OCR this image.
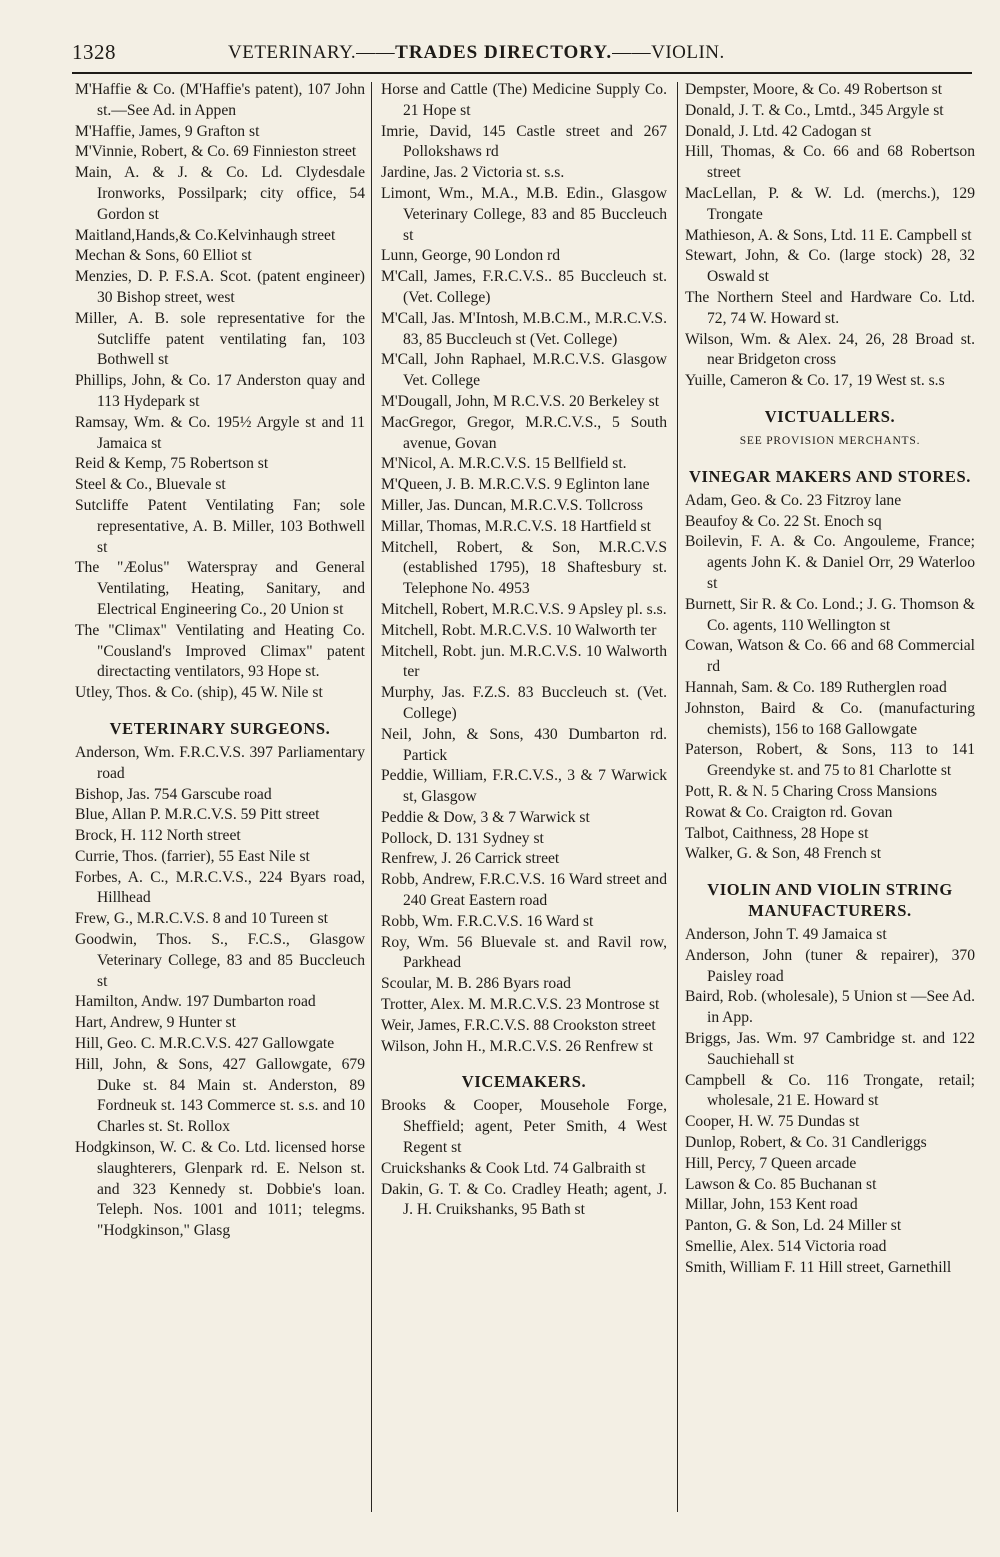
1328	VETERINARY.——TRADES DIRECTORY.——VIOLIN.

M'Haffie & Co. (M'Haffie's patent), 107 John st.—See Ad. in Appen

M'Haffie, James, 9 Grafton st

M'Vinnie, Robert, & Co. 69 Finnieston street

Main, A. & J. & Co. Ld. Clydesdale Ironworks, Possilpark; city office, 54 Gordon st

Maitland,Hands,& Co.Kelvinhaugh street

Mechan & Sons, 60 Elliot st

Menzies, D. P. F.S.A. Scot. (patent engineer) 30 Bishop street, west

Miller, A. B. sole representative for the Sutcliffe patent ventilating fan, 103 Bothwell st

Phillips, John, & Co. 17 Anderston quay and 113 Hydepark st

Ramsay, Wm. & Co. 195½ Argyle st and 11 Jamaica st

Reid & Kemp, 75 Robertson st

Steel & Co., Bluevale st

Sutcliffe Patent Ventilating Fan; sole representative, A. B. Miller, 103 Bothwell st

The "Æolus" Waterspray and General Ventilating, Heating, Sanitary, and Electrical Engineering Co., 20 Union st

The "Climax" Ventilating and Heating Co. "Cousland's Improved Climax" patent directacting ventilators, 93 Hope st.

Utley, Thos. & Co. (ship), 45 W. Nile st

VETERINARY SURGEONS.

Anderson, Wm. F.R.C.V.S. 397 Parliamentary road

Bishop, Jas. 754 Garscube road

Blue, Allan P. M.R.C.V.S. 59 Pitt street

Brock, H. 112 North street

Currie, Thos. (farrier), 55 East Nile st

Forbes, A. C., M.R.C.V.S., 224 Byars road, Hillhead

Frew, G., M.R.C.V.S. 8 and 10 Tureen st

Goodwin, Thos. S., F.C.S., Glasgow Veterinary College, 83 and 85 Buccleuch st

Hamilton, Andw. 197 Dumbarton road

Hart, Andrew, 9 Hunter st

Hill, Geo. C. M.R.C.V.S. 427 Gallowgate

Hill, John, & Sons, 427 Gallowgate, 679 Duke st. 84 Main st. Anderston, 89 Fordneuk st. 143 Commerce st. s.s. and 10 Charles st. St. Rollox

Hodgkinson, W. C. & Co. Ltd. licensed horse slaughterers, Glenpark rd. E. Nelson st. and 323 Kennedy st. Dobbie's loan. Teleph. Nos. 1001 and 1011; telegms. "Hodgkinson," Glasg

Horse and Cattle (The) Medicine Supply Co. 21 Hope st

Imrie, David, 145 Castle street and 267 Pollokshaws rd

Jardine, Jas. 2 Victoria st. s.s.

Limont, Wm., M.A., M.B. Edin., Glasgow Veterinary College, 83 and 85 Buccleuch st

Lunn, George, 90 London rd

M'Call, James, F.R.C.V.S.. 85 Buccleuch st. (Vet. College)

M'Call, Jas. M'Intosh, M.B.C.M., M.R.C.V.S. 83, 85 Buccleuch st (Vet. College)

M'Call, John Raphael, M.R.C.V.S. Glasgow Vet. College

M'Dougall, John, M R.C.V.S. 20 Berkeley st

MacGregor, Gregor, M.R.C.V.S., 5 South avenue, Govan

M'Nicol, A. M.R.C.V.S. 15 Bellfield st.

M'Queen, J. B. M.R.C.V.S. 9 Eglinton lane

Miller, Jas. Duncan, M.R.C.V.S. Tollcross

Millar, Thomas, M.R.C.V.S. 18 Hartfield st

Mitchell, Robert, & Son, M.R.C.V.S (established 1795), 18 Shaftesbury st. Telephone No. 4953

Mitchell, Robert, M.R.C.V.S. 9 Apsley pl. s.s.

Mitchell, Robt. M.R.C.V.S. 10 Walworth ter

Mitchell, Robt. jun. M.R.C.V.S. 10 Walworth ter

Murphy, Jas. F.Z.S. 83 Buccleuch st. (Vet. College)

Neil, John, & Sons, 430 Dumbarton rd. Partick

Peddie, William, F.R.C.V.S., 3 & 7 Warwick st, Glasgow

Peddie & Dow, 3 & 7 Warwick st

Pollock, D. 131 Sydney st

Renfrew, J. 26 Carrick street

Robb, Andrew, F.R.C.V.S. 16 Ward street and 240 Great Eastern road

Robb, Wm. F.R.C.V.S. 16 Ward st

Roy, Wm. 56 Bluevale st. and Ravil row, Parkhead

Scoular, M. B. 286 Byars road

Trotter, Alex. M. M.R.C.V.S. 23 Montrose st

Weir, James, F.R.C.V.S. 88 Crookston street

Wilson, John H., M.R.C.V.S. 26 Renfrew st

VICEMAKERS.

Brooks & Cooper, Mousehole Forge, Sheffield; agent, Peter Smith, 4 West Regent st

Cruickshanks & Cook Ltd. 74 Galbraith st

Dakin, G. T. & Co. Cradley Heath; agent, J. J. H. Cruikshanks, 95 Bath st

Dempster, Moore, & Co. 49 Robertson st

Donald, J. T. & Co., Lmtd., 345 Argyle st

Donald, J. Ltd. 42 Cadogan st

Hill, Thomas, & Co. 66 and 68 Robertson street

MacLellan, P. & W. Ld. (merchs.), 129 Trongate

Mathieson, A. & Sons, Ltd. 11 E. Campbell st

Stewart, John, & Co. (large stock) 28, 32 Oswald st

The Northern Steel and Hardware Co. Ltd. 72, 74 W. Howard st.

Wilson, Wm. & Alex. 24, 26, 28 Broad st. near Bridgeton cross

Yuille, Cameron & Co. 17, 19 West st. s.s

VICTUALLERS.

SEE PROVISION MERCHANTS.

VINEGAR MAKERS AND STORES.

Adam, Geo. & Co. 23 Fitzroy lane

Beaufoy & Co. 22 St. Enoch sq

Boilevin, F. A. & Co. Angouleme, France; agents John K. & Daniel Orr, 29 Waterloo st

Burnett, Sir R. & Co. Lond.; J. G. Thomson & Co. agents, 110 Wellington st

Cowan, Watson & Co. 66 and 68 Commercial rd

Hannah, Sam. & Co. 189 Rutherglen road

Johnston, Baird & Co. (manufacturing chemists), 156 to 168 Gallowgate

Paterson, Robert, & Sons, 113 to 141 Greendyke st. and 75 to 81 Charlotte st

Pott, R. & N. 5 Charing Cross Mansions

Rowat & Co. Craigton rd. Govan

Talbot, Caithness, 28 Hope st

Walker, G. & Son, 48 French st

VIOLIN AND VIOLIN STRING MANUFACTURERS.

Anderson, John T. 49 Jamaica st

Anderson, John (tuner & repairer), 370 Paisley road

Baird, Rob. (wholesale), 5 Union st —See Ad. in App.

Briggs, Jas. Wm. 97 Cambridge st. and 122 Sauchiehall st

Campbell & Co. 116 Trongate, retail; wholesale, 21 E. Howard st

Cooper, H. W. 75 Dundas st

Dunlop, Robert, & Co. 31 Candleriggs

Hill, Percy, 7 Queen arcade

Lawson & Co. 85 Buchanan st

Millar, John, 153 Kent road

Panton, G. & Son, Ld. 24 Miller st

Smellie, Alex. 514 Victoria road

Smith, William F. 11 Hill street, Garnethill
